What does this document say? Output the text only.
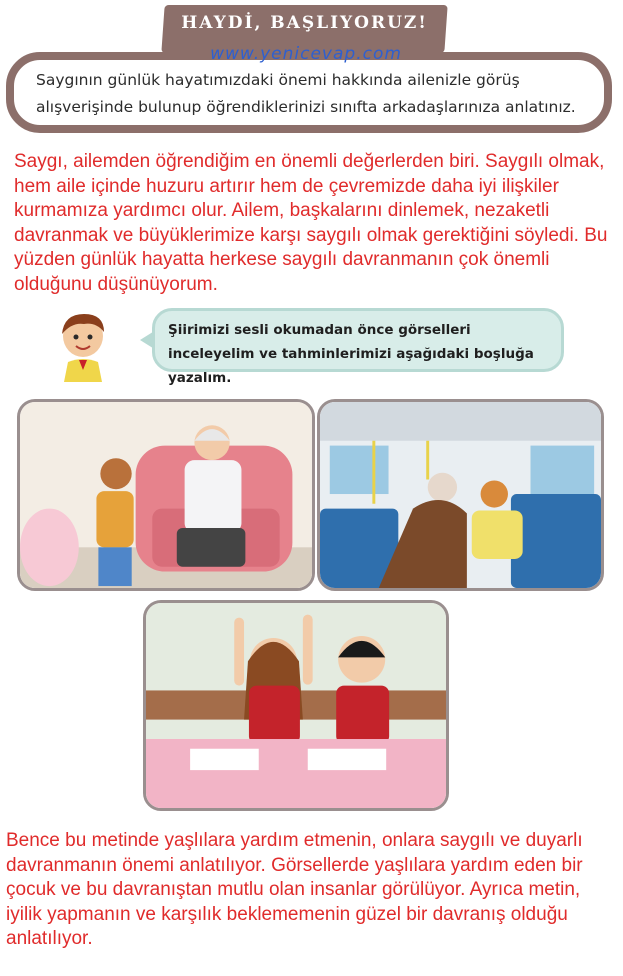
HAYDİ, BAŞLIYORUZ!
www.yenicevap.com
Saygının günlük hayatımızdaki önemi hakkında ailenizle görüş alışverişinde bulunup öğrendiklerinizi sınıfta arkadaşlarınıza anlatınız.
Saygı, ailemden öğrendiğim en önemli değerlerden biri. Saygılı olmak, hem aile içinde huzuru artırır hem de çevremizde daha iyi ilişkiler kurmamıza yardımcı olur. Ailem, başkalarını dinlemek, nezaketli davranmak ve büyüklerimize karşı saygılı olmak gerektiğini söyledi. Bu yüzden günlük hayatta herkese saygılı davranmanın çok önemli olduğunu düşünüyorum.
Şiirimizi sesli okumadan önce görselleri inceleyelim ve tahminlerimizi aşağıdaki boşluğa yazalım.
Bence bu metinde yaşlılara yardım etmenin, onlara saygılı ve duyarlı davranmanın önemi anlatılıyor. Görsellerde yaşlılara yardım eden bir çocuk ve bu davranıştan mutlu olan insanlar görülüyor. Ayrıca metin, iyilik yapmanın ve karşılık beklememenin güzel bir davranış olduğu anlatılıyor.
